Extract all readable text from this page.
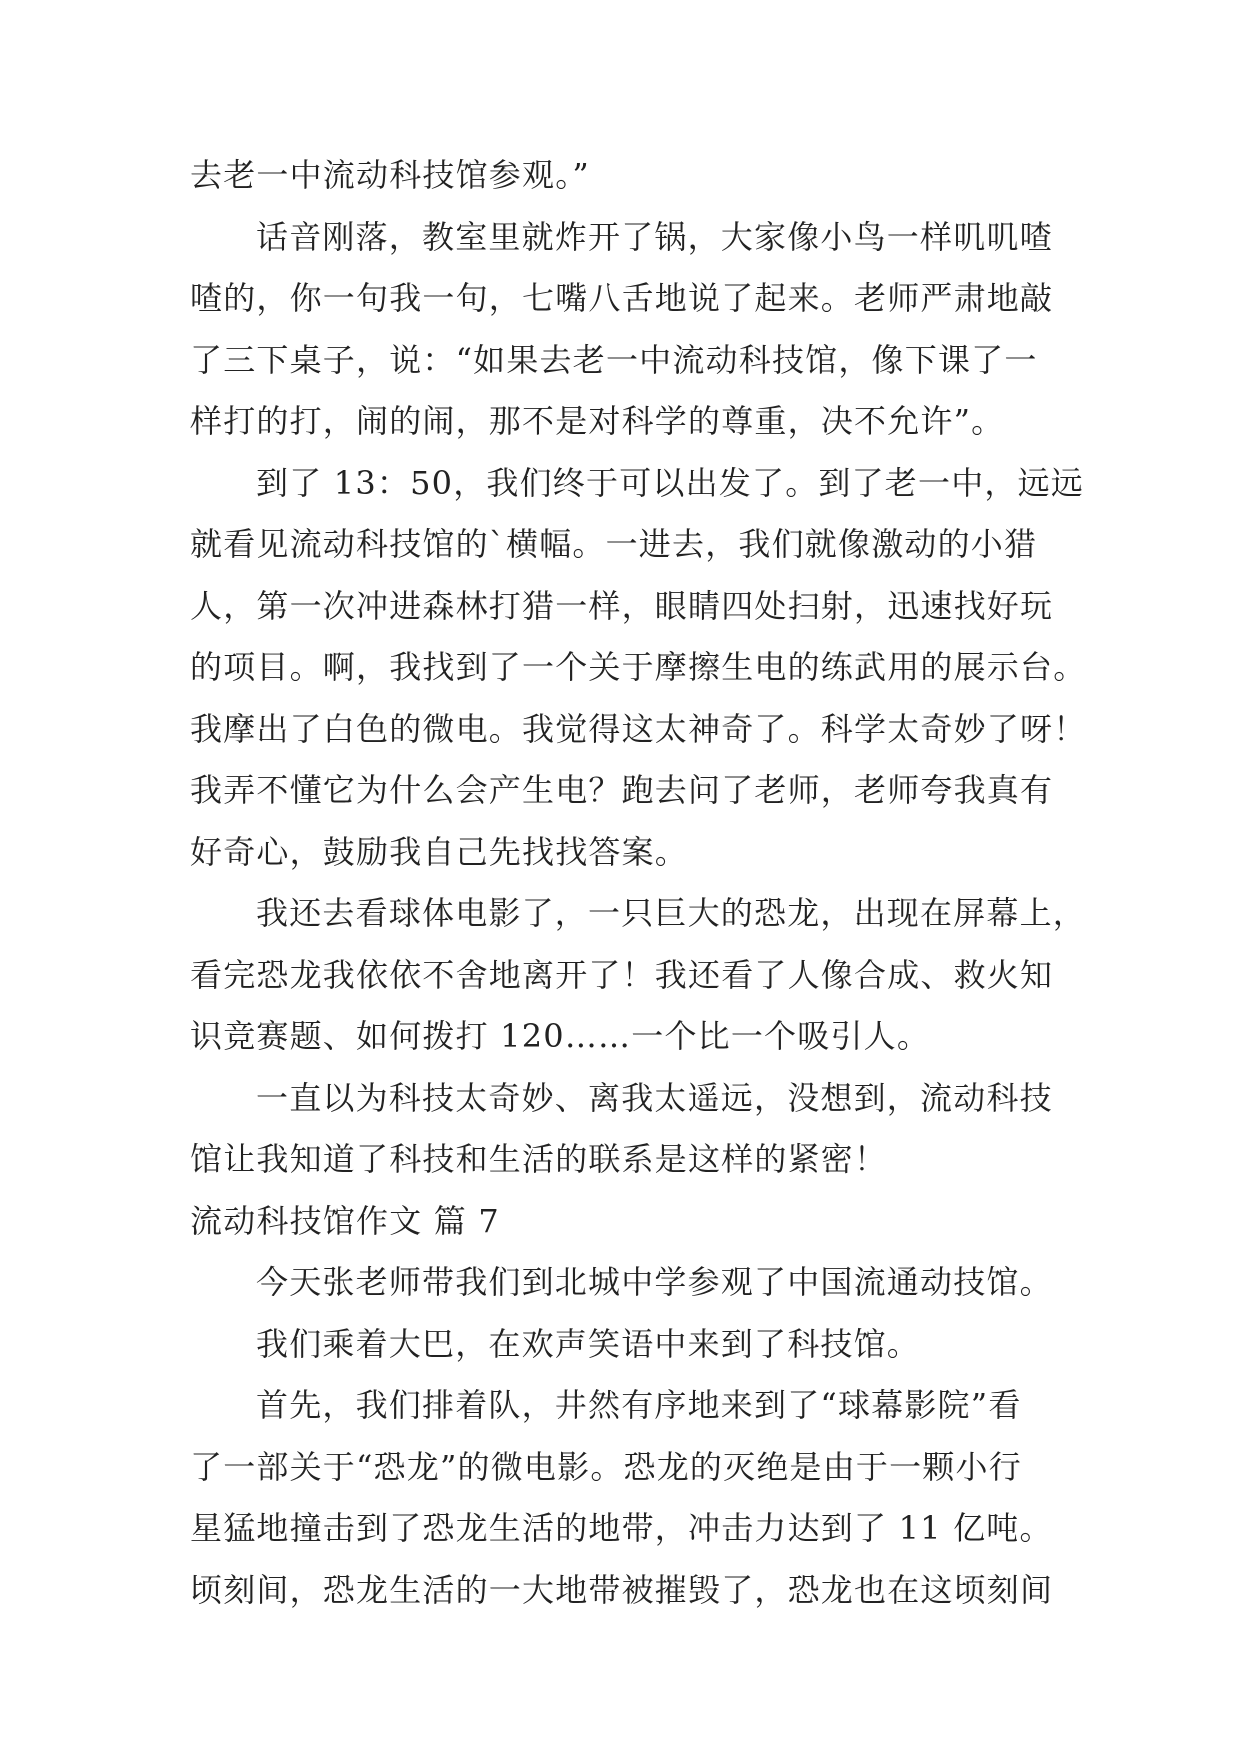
去老一中流动科技馆参观。”

话音刚落，教室里就炸开了锅，大家像小鸟一样叽叽喳

喳的，你一句我一句，七嘴八舌地说了起来。老师严肃地敲

了三下桌子，说：“如果去老一中流动科技馆，像下课了一

样打的打，闹的闹，那不是对科学的尊重，决不允许”。

到了 13：50，我们终于可以出发了。到了老一中，远远

就看见流动科技馆的`横幅。一进去，我们就像激动的小猎

人，第一次冲进森林打猎一样，眼睛四处扫射，迅速找好玩

的项目。啊，我找到了一个关于摩擦生电的练武用的展示台。

我摩出了白色的微电。我觉得这太神奇了。科学太奇妙了呀！

我弄不懂它为什么会产生电？跑去问了老师，老师夸我真有

好奇心，鼓励我自己先找找答案。

我还去看球体电影了，一只巨大的恐龙，出现在屏幕上，

看完恐龙我依依不舍地离开了！我还看了人像合成、救火知

识竞赛题、如何拨打 120……一个比一个吸引人。

一直以为科技太奇妙、离我太遥远，没想到，流动科技

馆让我知道了科技和生活的联系是这样的紧密！

流动科技馆作文 篇 7

今天张老师带我们到北城中学参观了中国流通动技馆。

我们乘着大巴，在欢声笑语中来到了科技馆。

首先，我们排着队，井然有序地来到了“球幕影院”看

了一部关于“恐龙”的微电影。恐龙的灭绝是由于一颗小行

星猛地撞击到了恐龙生活的地带，冲击力达到了 11 亿吨。

顷刻间，恐龙生活的一大地带被摧毁了，恐龙也在这顷刻间
